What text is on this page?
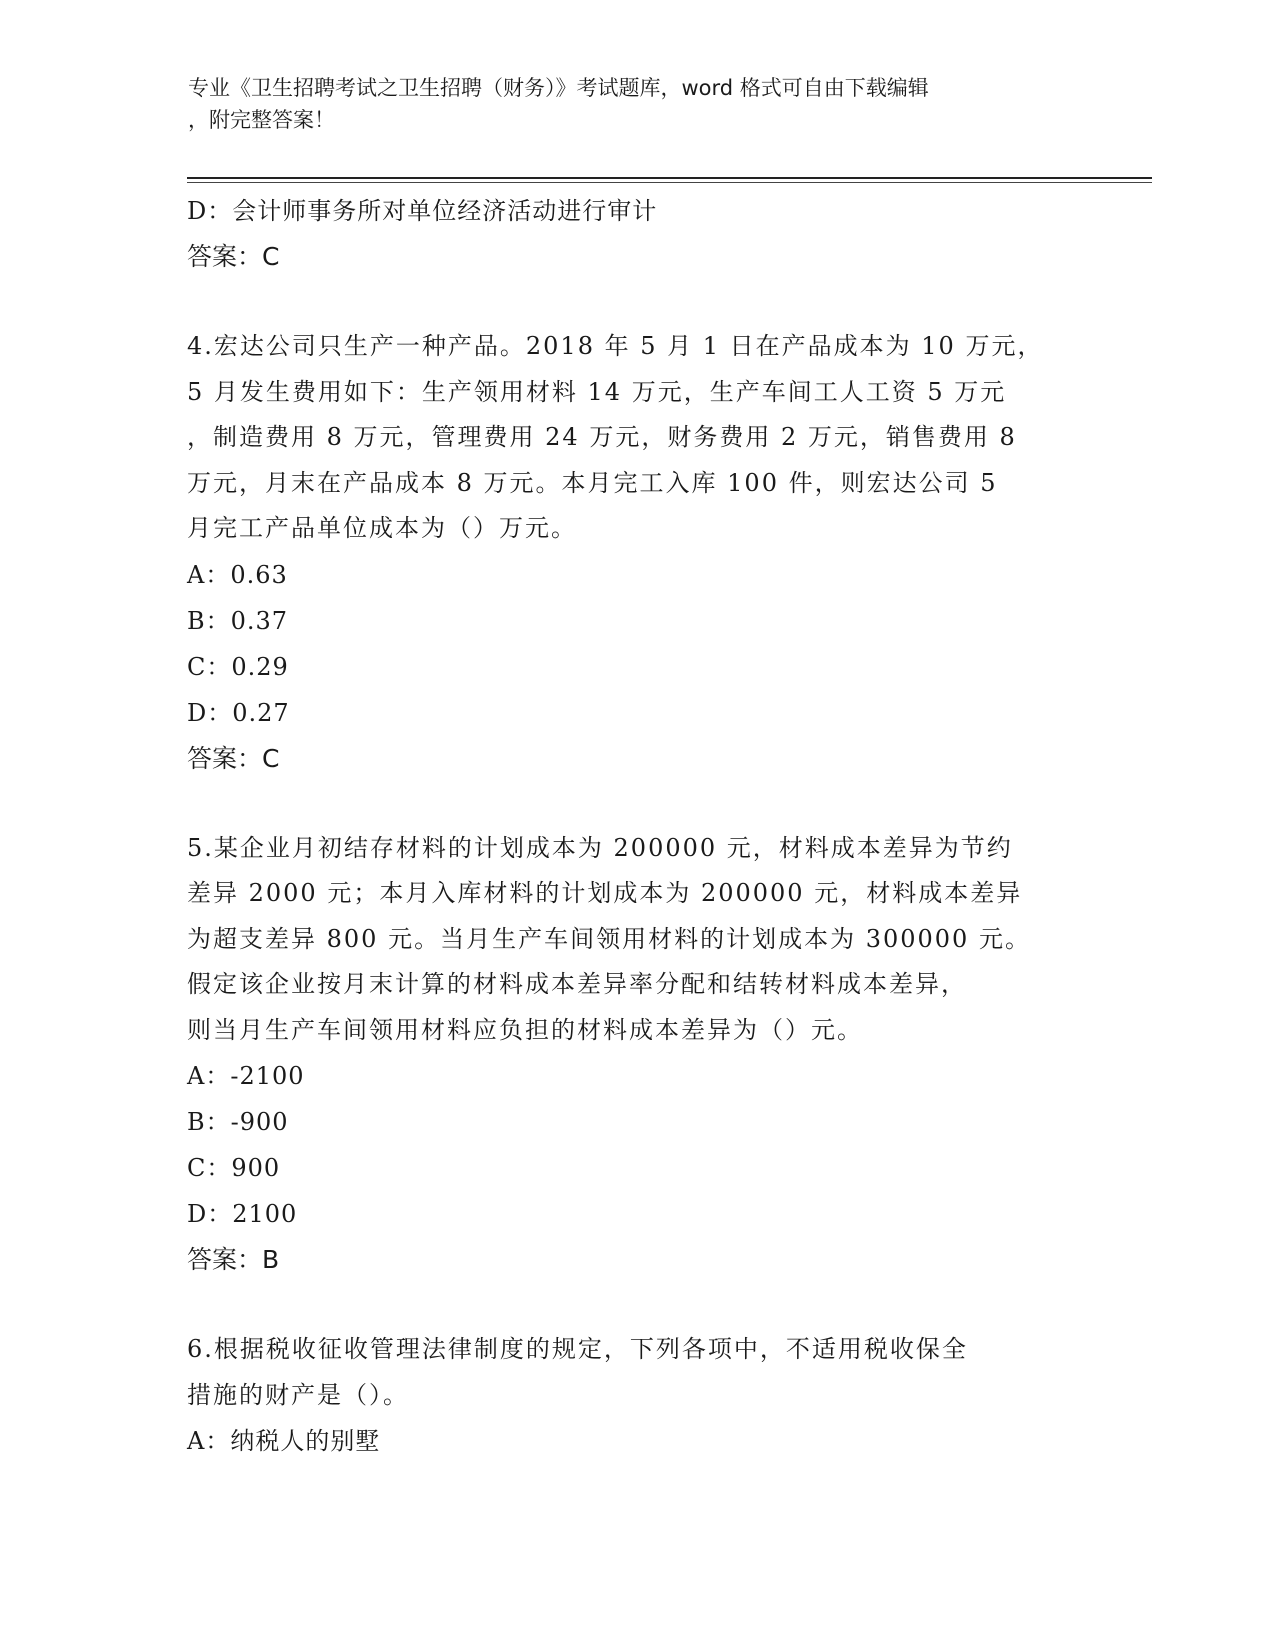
专业《卫生招聘考试之卫生招聘（财务）》考试题库，word 格式可自由下载编辑
，附完整答案！
D：会计师事务所对单位经济活动进行审计
答案：C
4.宏达公司只生产一种产品。2018 年 5 月 1 日在产品成本为 10 万元，
5 月发生费用如下：生产领用材料 14 万元，生产车间工人工资 5 万元
，制造费用 8 万元，管理费用 24 万元，财务费用 2 万元，销售费用 8
万元，月末在产品成本 8 万元。本月完工入库 100 件，则宏达公司 5
月完工产品单位成本为（）万元。
A：0.63
B：0.37
C：0.29
D：0.27
答案：C
5.某企业月初结存材料的计划成本为 200000 元，材料成本差异为节约
差异 2000 元；本月入库材料的计划成本为 200000 元，材料成本差异
为超支差异 800 元。当月生产车间领用材料的计划成本为 300000 元。
假定该企业按月末计算的材料成本差异率分配和结转材料成本差异，
则当月生产车间领用材料应负担的材料成本差异为（）元。
A：-2100
B：-900
C：900
D：2100
答案：B
6.根据税收征收管理法律制度的规定，下列各项中，不适用税收保全
措施的财产是（）。
A：纳税人的别墅
